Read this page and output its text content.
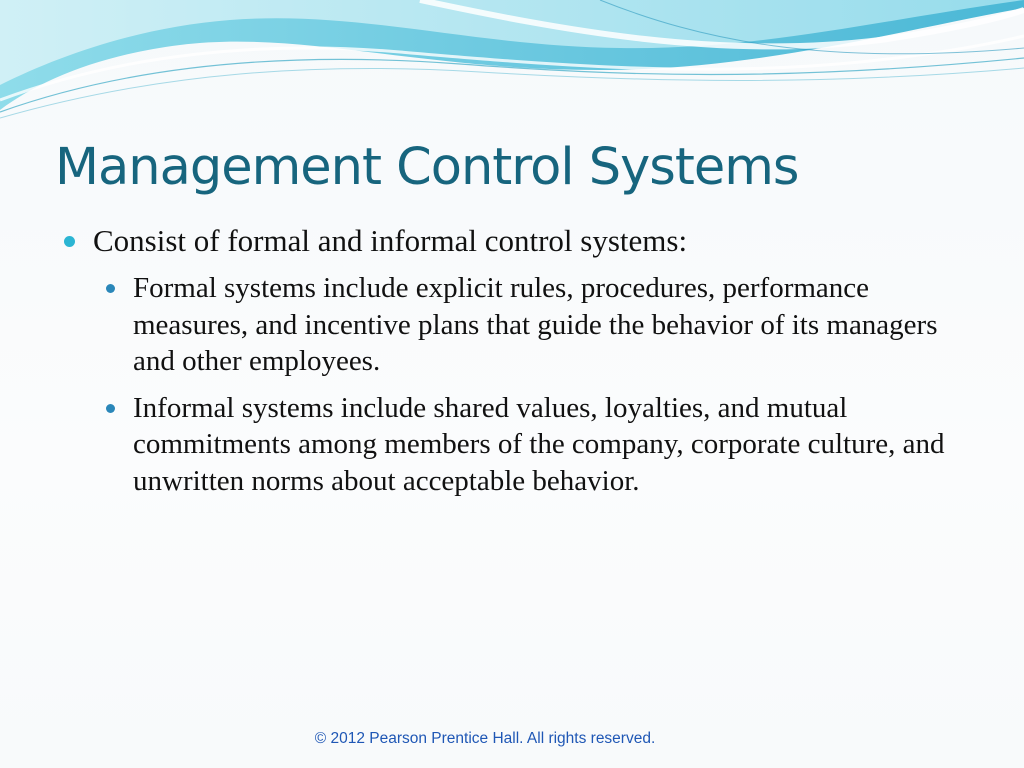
Management Control Systems
Consist of formal and informal control systems:
Formal systems include explicit rules, procedures, performance measures, and incentive plans that guide the behavior of its managers and other employees.
Informal systems include shared values, loyalties, and mutual commitments among members of the company, corporate culture, and unwritten norms about acceptable behavior.
© 2012 Pearson Prentice Hall. All rights reserved.
